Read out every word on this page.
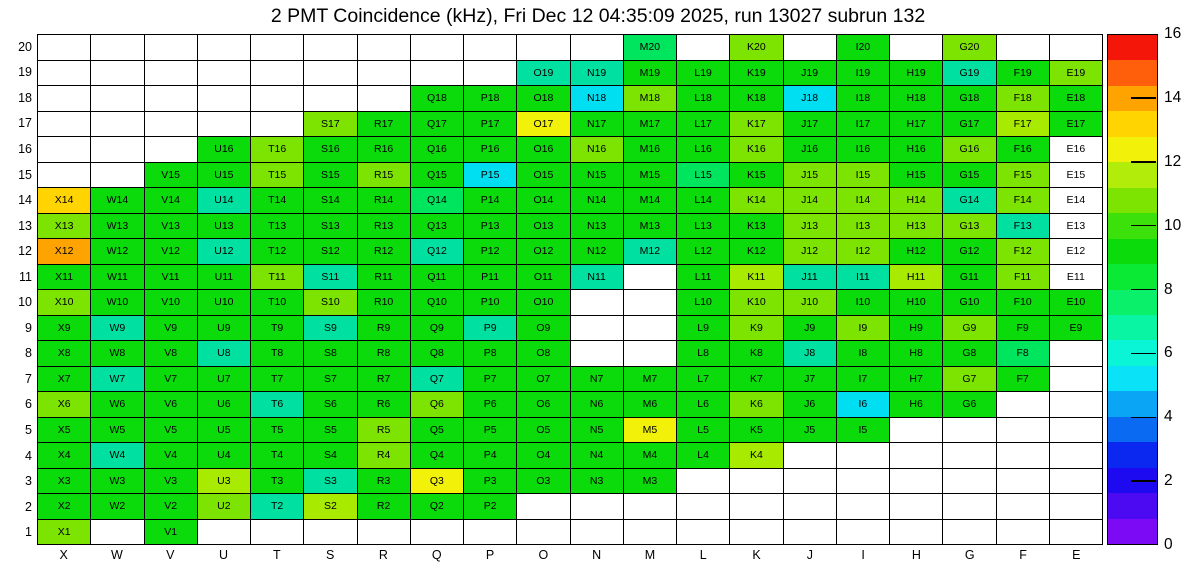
2 PMT Coincidence (kHz), Fri Dec 12 04:35:09 2025, run 13027 subrun 132
M20	K20	I20	G20
O19	N19	M19	L19	K19	J19	I19	H19	G19	F19	E19
Q18	P18	O18	N18	M18	L18	K18	J18	I18	H18	G18	F18	E18
S17	R17	Q17	P17	O17	N17	M17	L17	K17	J17	I17	H17	G17	F17	E17
U16	T16	S16	R16	Q16	P16	O16	N16	M16	L16	K16	J16	I16	H16	G16	F16	E16
V15	U15	T15	S15	R15	Q15	P15	O15	N15	M15	L15	K15	J15	I15	H15	G15	F15	E15
X14	W14	V14	U14	T14	S14	R14	Q14	P14	O14	N14	M14	L14	K14	J14	I14	H14	G14	F14	E14
X13	W13	V13	U13	T13	S13	R13	Q13	P13	O13	N13	M13	L13	K13	J13	I13	H13	G13	F13	E13
X12	W12	V12	U12	T12	S12	R12	Q12	P12	O12	N12	M12	L12	K12	J12	I12	H12	G12	F12	E12
X11	W11	V11	U11	T11	S11	R11	Q11	P11	O11	N11	L11	K11	J11	I11	H11	G11	F11	E11
X10	W10	V10	U10	T10	S10	R10	Q10	P10	O10	L10	K10	J10	I10	H10	G10	F10	E10
X9	W9	V9	U9	T9	S9	R9	Q9	P9	O9	L9	K9	J9	I9	H9	G9	F9	E9
X8	W8	V8	U8	T8	S8	R8	Q8	P8	O8	L8	K8	J8	I8	H8	G8	F8
X7	W7	V7	U7	T7	S7	R7	Q7	P7	O7	N7	M7	L7	K7	J7	I7	H7	G7	F7
X6	W6	V6	U6	T6	S6	R6	Q6	P6	O6	N6	M6	L6	K6	J6	I6	H6	G6
X5	W5	V5	U5	T5	S5	R5	Q5	P5	O5	N5	M5	L5	K5	J5	I5
X4	W4	V4	U4	T4	S4	R4	Q4	P4	O4	N4	M4	L4	K4
X3	W3	V3	U3	T3	S3	R3	Q3	P3	O3	N3	M3
X2	W2	V2	U2	T2	S2	R2	Q2	P2
X1	V1
20
19
18
17
16
15
14
13
12
11
10
9
8
7
6
5
4
3
2
1
X	W	V	U	T	S	R	Q	P	O	N	M	L	K	J	I	H	G	F	E
0
2
4
6
8
10
12
14
16
